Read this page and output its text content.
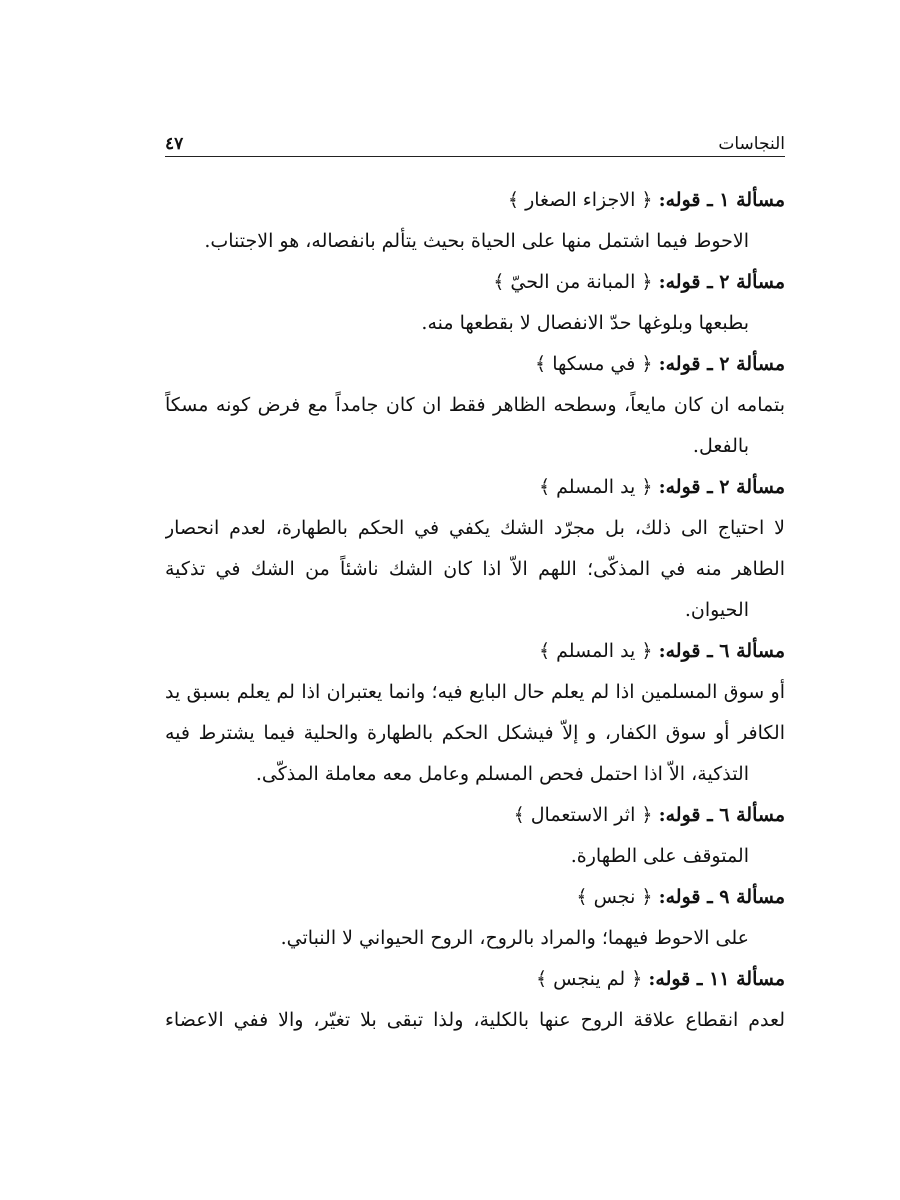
النجاسات
٤٧
مسألة ١ ـ قوله: ﴿ الاجزاء الصغار ﴾
الاحوط فيما اشتمل منها على الحياة بحيث يتألم بانفصاله، هو الاجتناب.
مسألة ٢ ـ قوله: ﴿ المبانة من الحيّ ﴾
بطبعها وبلوغها حدّ الانفصال لا بقطعها منه.
مسألة ٢ ـ قوله: ﴿ في مسكها ﴾
بتمامه ان كان مايعاً، وسطحه الظاهر فقط ان كان جامداً مع فرض كونه مسكاً
بالفعل.
مسألة ٢ ـ قوله: ﴿ يد المسلم ﴾
لا احتياج الى ذلك، بل مجرّد الشك يكفي في الحكم بالطهارة، لعدم انحصار
الطاهر منه في المذكّى؛ اللهم الاّ اذا كان الشك ناشئاً من الشك في تذكية
الحيوان.
مسألة ٦ ـ قوله: ﴿ يد المسلم ﴾
أو سوق المسلمين اذا لم يعلم حال البايع فيه؛ وانما يعتبران اذا لم يعلم بسبق يد
الكافر أو سوق الكفار، و إلاّ فيشكل الحكم بالطهارة والحلية فيما يشترط فيه
التذكية، الاّ اذا احتمل فحص المسلم وعامل معه معاملة المذكّى.
مسألة ٦ ـ قوله: ﴿ اثر الاستعمال ﴾
المتوقف على الطهارة.
مسألة ٩ ـ قوله: ﴿ نجس ﴾
على الاحوط فيهما؛ والمراد بالروح، الروح الحيواني لا النباتي.
مسألة ١١ ـ قوله: ﴿ لم ينجس ﴾
لعدم انقطاع علاقة الروح عنها بالكلية، ولذا تبقى بلا تغيّر، والا ففي الاعضاء
